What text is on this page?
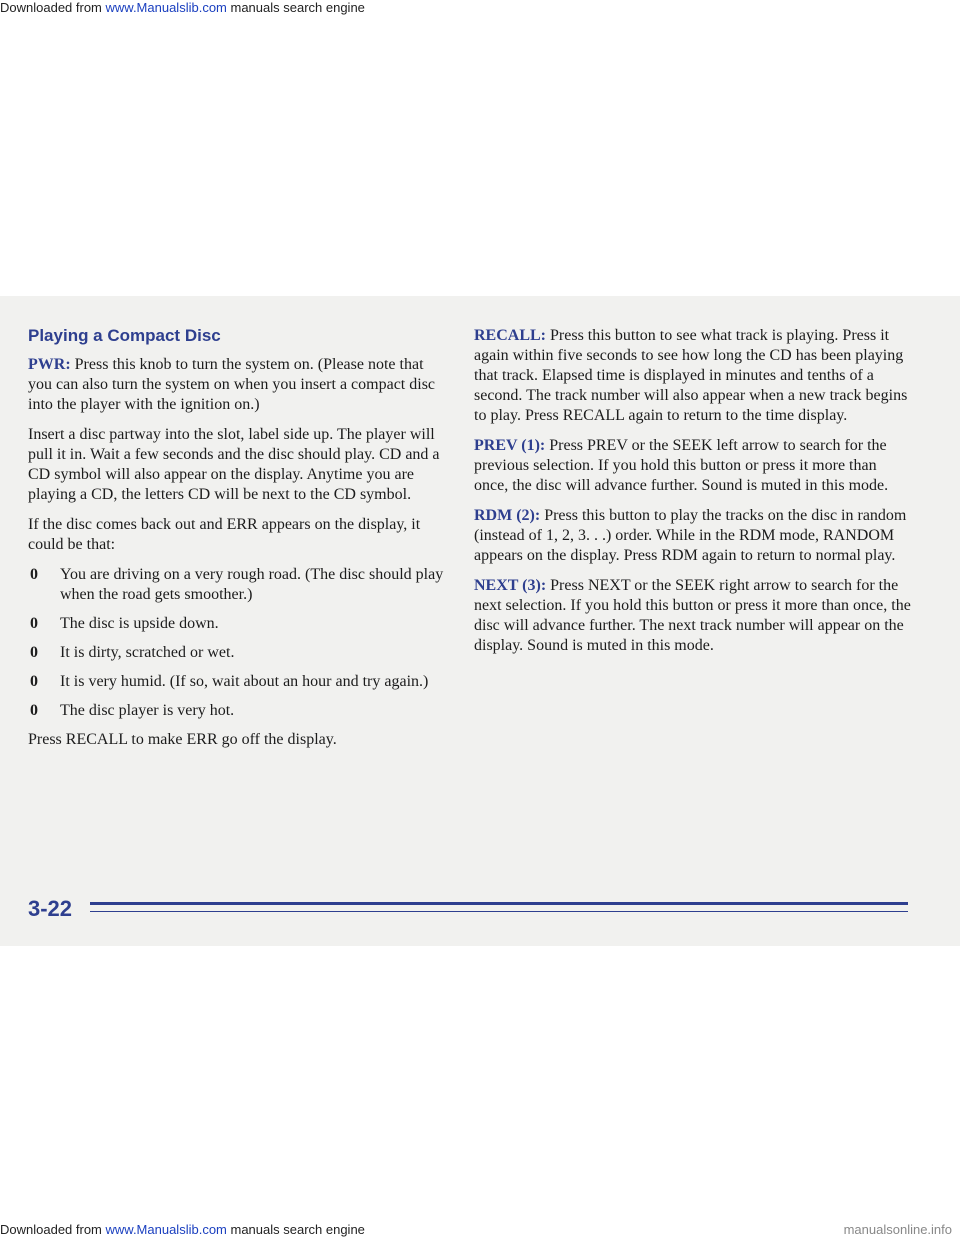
Downloaded from www.Manualslib.com manuals search engine
Playing a Compact Disc

PWR: Press this knob to turn the system on. (Please note that you can also turn the system on when you insert a compact disc into the player with the ignition on.)

Insert a disc partway into the slot, label side up. The player will pull it in. Wait a few seconds and the disc should play. CD and a CD symbol will also appear on the display. Anytime you are playing a CD, the letters CD will be next to the CD symbol.

If the disc comes back out and ERR appears on the display, it could be that:

0 You are driving on a very rough road. (The disc should play when the road gets smoother.)
0 The disc is upside down.
0 It is dirty, scratched or wet.
0 It is very humid. (If so, wait about an hour and try again.)
0 The disc player is very hot.

Press RECALL to make ERR go off the display.

RECALL: Press this button to see what track is playing. Press it again within five seconds to see how long the CD has been playing that track. Elapsed time is displayed in minutes and tenths of a second. The track number will also appear when a new track begins to play. Press RECALL again to return to the time display.

PREV (1): Press PREV or the SEEK left arrow to search for the previous selection. If you hold this button or press it more than once, the disc will advance further. Sound is muted in this mode.

RDM (2): Press this button to play the tracks on the disc in random (instead of 1, 2, 3. . .) order. While in the RDM mode, RANDOM appears on the display. Press RDM again to return to normal play.

NEXT (3): Press NEXT or the SEEK right arrow to search for the next selection. If you hold this button or press it more than once, the disc will advance further. The next track number will appear on the display. Sound is muted in this mode.

3-22
Downloaded from www.Manualslib.com manuals search engine	manualsonline.info
